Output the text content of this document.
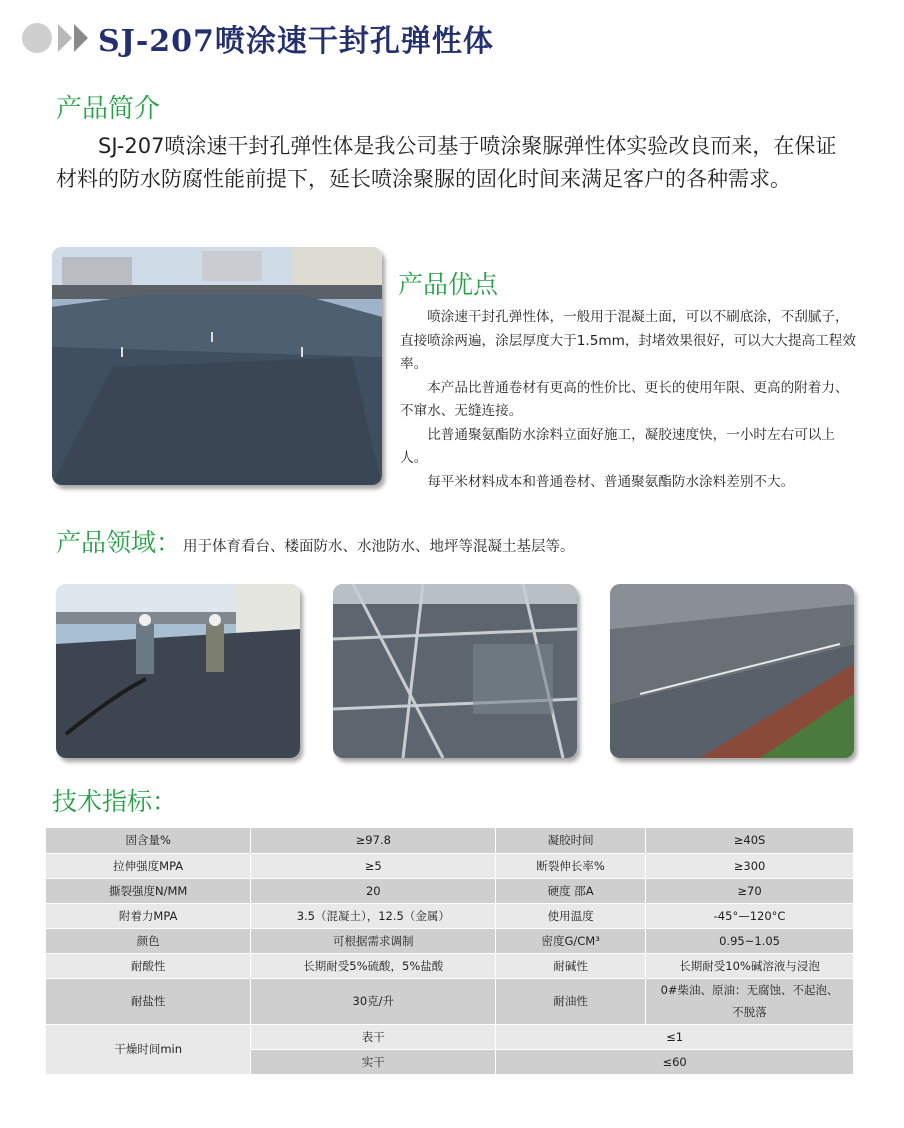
SJ-207喷涂速干封孔弹性体
产品简介
SJ-207喷涂速干封孔弹性体是我公司基于喷涂聚脲弹性体实验改良而来，在保证材料的防水防腐性能前提下，延长喷涂聚脲的固化时间来满足客户的各种需求。
产品优点

喷涂速干封孔弹性体，一般用于混凝土面，可以不刷底涂，不刮腻子，直接喷涂两遍，涂层厚度大于1.5mm，封堵效果很好，可以大大提高工程效率。

本产品比普通卷材有更高的性价比、更长的使用年限、更高的附着力、不窜水、无缝连接。

比普通聚氨酯防水涂料立面好施工，凝胶速度快，一小时左右可以上人。

每平米材料成本和普通卷材、普通聚氨酯防水涂料差别不大。

产品领域： 用于体育看台、楼面防水、水池防水、地坪等混凝土基层等。
技术指标：
固含量%	≥97.8	凝胶时间	≥40S
拉伸强度MPA	≥5	断裂伸长率%	≥300
撕裂强度N/MM	20	硬度 邵A	≥70
附着力MPA	3.5（混凝土），12.5（金属）	使用温度	-45°—120°C
颜色	可根据需求调制	密度G/CM³	0.95~1.05
耐酸性	长期耐受5%硫酸，5%盐酸	耐碱性	长期耐受10%碱溶液与浸泡
耐盐性	30克/升	耐油性	0#柴油、原油：无腐蚀、不起泡、不脱落
干燥时间min	表干	≤1	
	实干	≤60	
